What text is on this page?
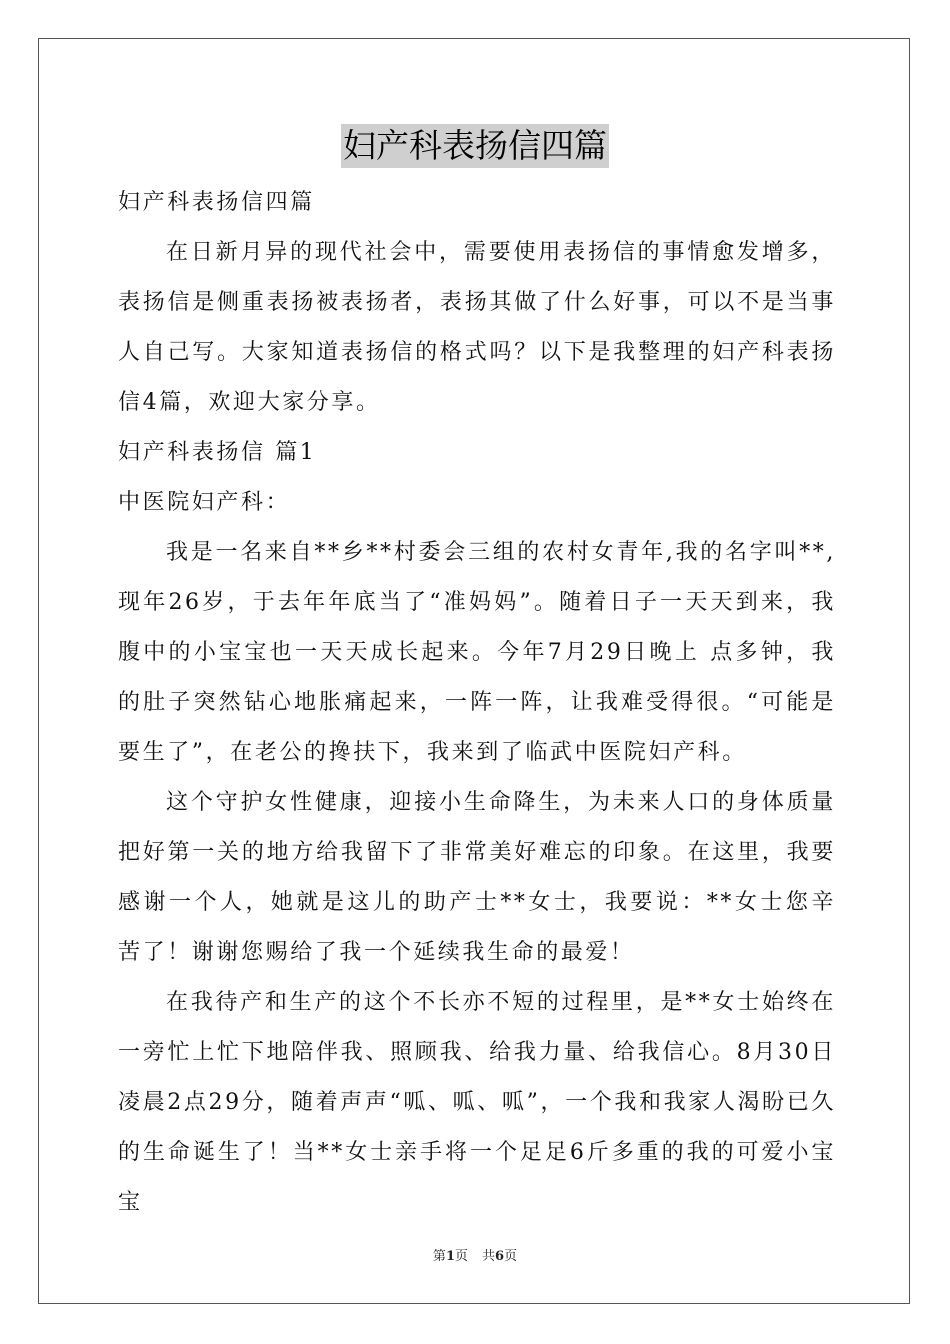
妇产科表扬信四篇

妇产科表扬信四篇

在日新月异的现代社会中，需要使用表扬信的事情愈发增多，表扬信是侧重表扬被表扬者，表扬其做了什么好事，可以不是当事人自己写。大家知道表扬信的格式吗？以下是我整理的妇产科表扬信4篇，欢迎大家分享。

妇产科表扬信 篇1

中医院妇产科：

我是一名来自**乡**村委会三组的农村女青年,我的名字叫**,现年26岁，于去年年底当了“准妈妈”。随着日子一天天到来，我腹中的小宝宝也一天天成长起来。今年7月29日晚上 点多钟，我的肚子突然钻心地胀痛起来，一阵一阵，让我难受得很。“可能是要生了”，在老公的搀扶下，我来到了临武中医院妇产科。

这个守护女性健康，迎接小生命降生，为未来人口的身体质量把好第一关的地方给我留下了非常美好难忘的印象。在这里，我要感谢一个人，她就是这儿的助产士**女士，我要说：**女士您辛苦了！谢谢您赐给了我一个延续我生命的最爱！

在我待产和生产的这个不长亦不短的过程里，是**女士始终在一旁忙上忙下地陪伴我、照顾我、给我力量、给我信心。8月30日凌晨2点29分，随着声声“呱、呱、呱”，一个我和我家人渴盼已久的生命诞生了！当**女士亲手将一个足足6斤多重的我的可爱小宝宝

第1页 共6页
